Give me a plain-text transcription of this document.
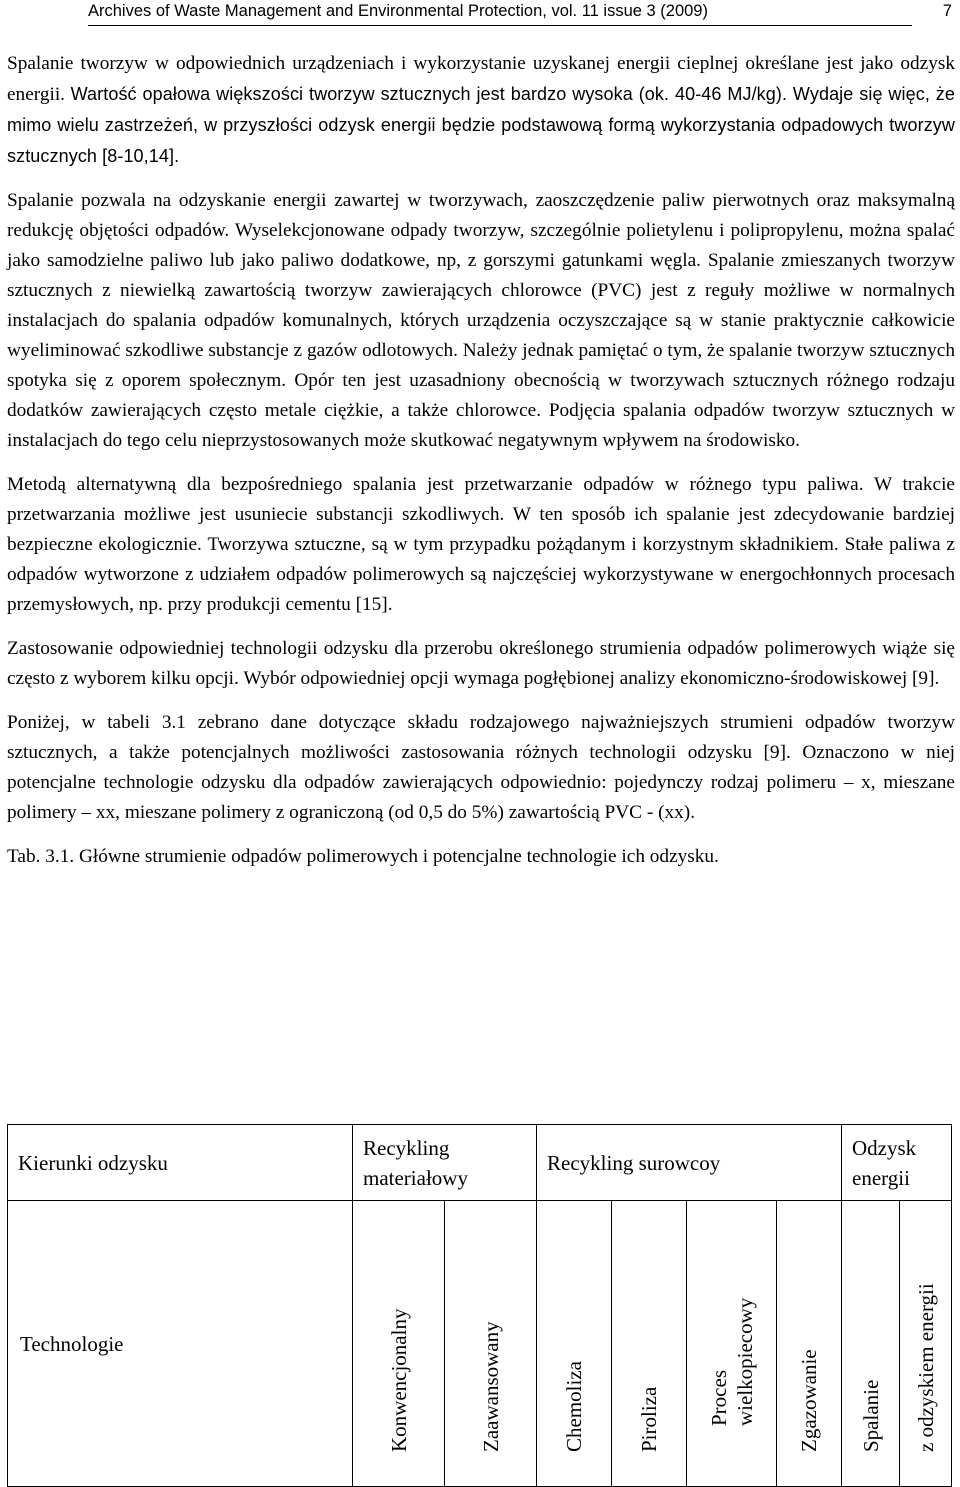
Archives of Waste Management and Environmental Protection, vol. 11 issue 3 (2009)	7

Spalanie tworzyw w odpowiednich urządzeniach i wykorzystanie uzyskanej energii cieplnej określane jest jako odzysk energii. Wartość opałowa większości tworzyw sztucznych jest bardzo wysoka (ok. 40-46 MJ/kg). Wydaje się więc, że mimo wielu zastrzeżeń, w przyszłości odzysk energii będzie podstawową formą wykorzystania odpadowych tworzyw sztucznych [8-10,14].

Spalanie pozwala na odzyskanie energii zawartej w tworzywach, zaoszczędzenie paliw pierwotnych oraz maksymalną redukcję objętości odpadów. Wyselekcjonowane odpady tworzyw, szczególnie polietylenu i polipropylenu, można spalać jako samodzielne paliwo lub jako paliwo dodatkowe, np, z gorszymi gatunkami węgla. Spalanie zmieszanych tworzyw sztucznych z niewielką zawartością tworzyw zawierających chlorowce (PVC) jest z reguły możliwe w normalnych instalacjach do spalania odpadów komunalnych, których urządzenia oczyszczające są w stanie praktycznie całkowicie wyeliminować szkodliwe substancje z gazów odlotowych. Należy jednak pamiętać o tym, że spalanie tworzyw sztucznych spotyka się z oporem społecznym. Opór ten jest uzasadniony obecnością w tworzywach sztucznych różnego rodzaju dodatków zawierających często metale ciężkie, a także chlorowce. Podjęcia spalania odpadów tworzyw sztucznych w instalacjach do tego celu nieprzystosowanych może skutkować negatywnym wpływem na środowisko.

Metodą alternatywną dla bezpośredniego spalania jest przetwarzanie odpadów w różnego typu paliwa. W trakcie przetwarzania możliwe jest usuniecie substancji szkodliwych. W ten sposób ich spalanie jest zdecydowanie bardziej bezpieczne ekologicznie. Tworzywa sztuczne, są w tym przypadku pożądanym i korzystnym składnikiem. Stałe paliwa z odpadów wytworzone z udziałem odpadów polimerowych są najczęściej wykorzystywane w energochłonnych procesach przemysłowych, np. przy produkcji cementu [15].

Zastosowanie odpowiedniej technologii odzysku dla przerobu określonego strumienia odpadów polimerowych wiąże się często z wyborem kilku opcji. Wybór odpowiedniej opcji wymaga pogłębionej analizy ekonomiczno-środowiskowej [9].

Poniżej, w tabeli 3.1 zebrano dane dotyczące składu rodzajowego najważniejszych strumieni odpadów tworzyw sztucznych, a także potencjalnych możliwości zastosowania różnych technologii odzysku [9]. Oznaczono w niej potencjalne technologie odzysku dla odpadów zawierających odpowiednio: pojedynczy rodzaj polimeru – x, mieszane polimery – xx, mieszane polimery z ograniczoną (od 0,5 do 5%) zawartością PVC - (xx).

Tab. 3.1. Główne strumienie odpadów polimerowych i potencjalne technologie ich odzysku.

Kierunki odzysku	Recykling materiałowy		Recykling surowcoy				Odzysk energii	
Technologie	Konwencjonalny	Zaawansowany	Chemoliza	Piroliza	Proces wielkopiecowy	Zgazowanie	Spalanie	z odzyskiem energii
